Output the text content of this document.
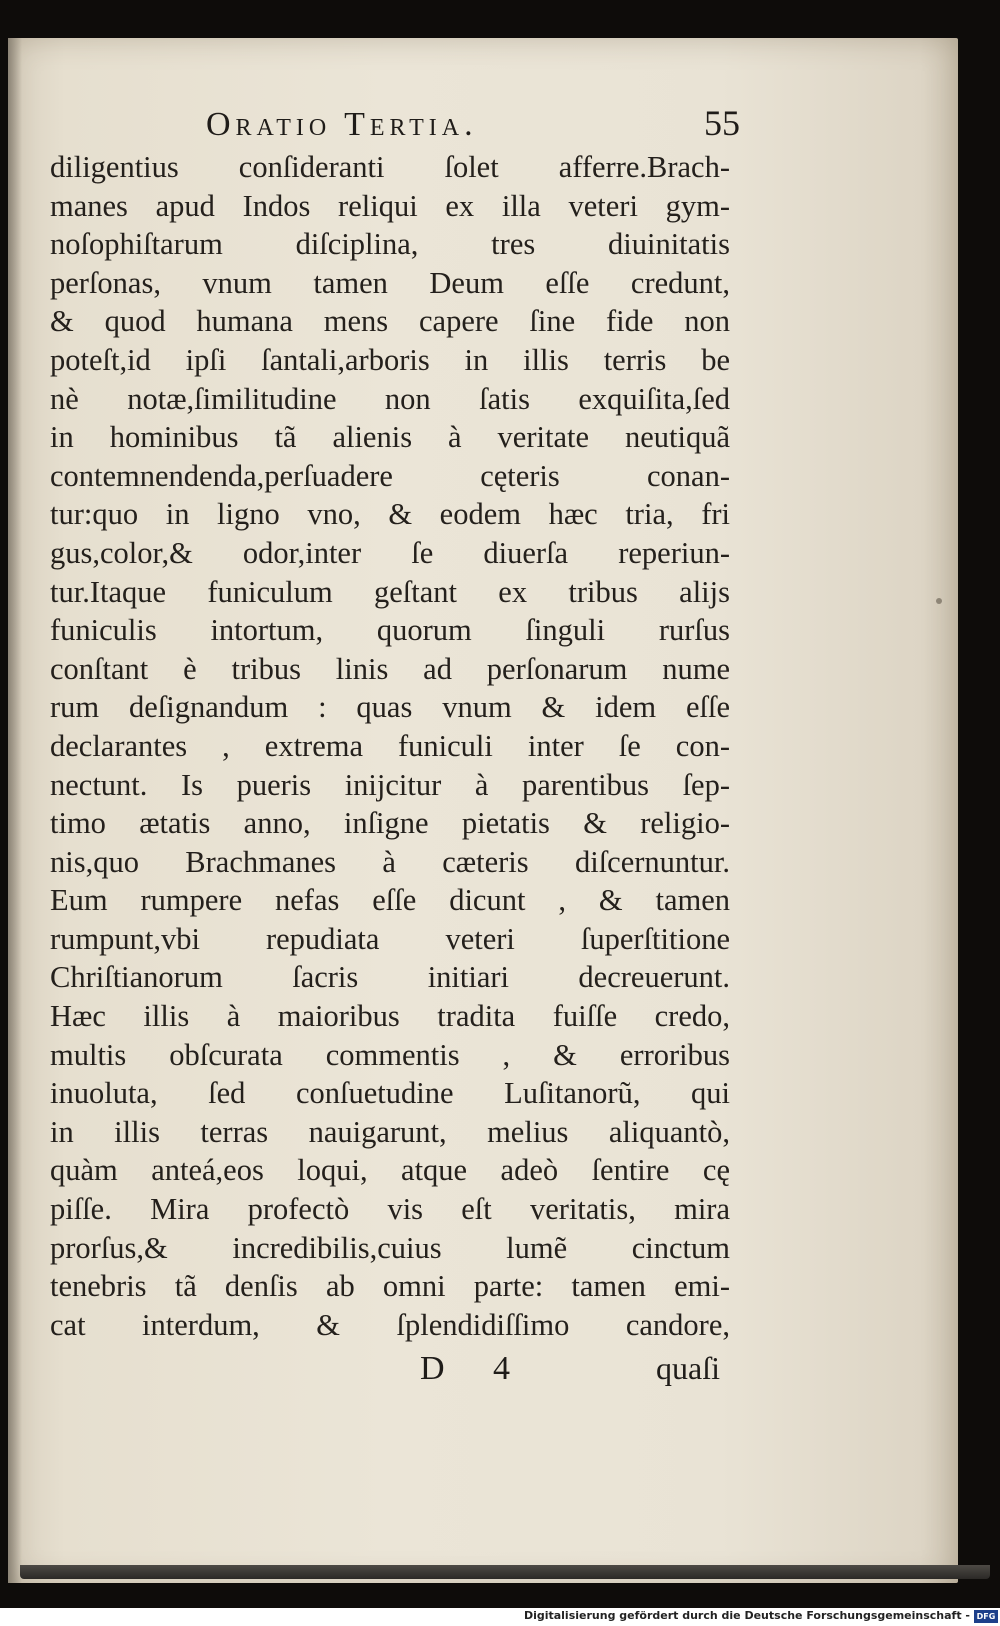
Oratio Tertia.	55
diligentius conſideranti ſolet afferre.Brach-
manes apud Indos reliqui ex illa veteri gym-
noſophiſtarum diſciplina, tres diuinitatis
perſonas, vnum tamen Deum eſſe credunt,
& quod humana mens capere ſine fide non
poteſt,id ipſi ſantali,arboris in illis terris be
nè notæ,ſimilitudine non ſatis exquiſita,ſed
in hominibus tã alienis à veritate neutiquã
contemnendenda,perſuadere cęteris conan-
tur:quo in ligno vno, & eodem hæc tria, fri
gus,color,& odor,inter ſe diuerſa reperiun-
tur.Itaque funiculum geſtant ex tribus alijs
funiculis intortum, quorum ſinguli rurſus
conſtant è tribus linis ad perſonarum nume
rum deſignandum : quas vnum & idem eſſe
declarantes , extrema funiculi inter ſe con-
nectunt. Is pueris inijcitur à parentibus ſep-
timo ætatis anno, inſigne pietatis & religio-
nis,quo Brachmanes à cæteris diſcernuntur.
Eum rumpere nefas eſſe dicunt , & tamen
rumpunt,vbi repudiata veteri ſuperſtitione
Chriſtianorum ſacris initiari decreuerunt.
Hæc illis à maioribus tradita fuiſſe credo,
multis obſcurata commentis , & erroribus
inuoluta, ſed conſuetudine Luſitanorũ, qui
in illis terras nauigarunt, melius aliquantò,
quàm anteá,eos loqui, atque adeò ſentire cę
piſſe. Mira profectò vis eſt veritatis, mira
prorſus,& incredibilis,cuius lumẽ cinctum
tenebris tã denſis ab omni parte: tamen emi-
cat interdum, & ſplendidiſſimo candore,
D 4	quaſi
Digitalisierung gefördert durch die Deutsche Forschungsgemeinschaft - DFG
